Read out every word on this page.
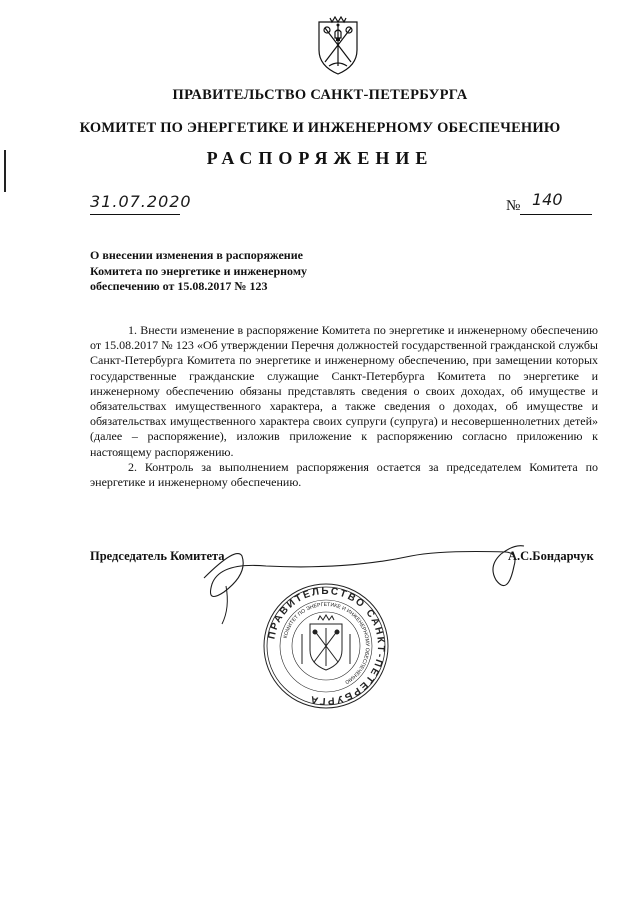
ПРАВИТЕЛЬСТВО САНКТ-ПЕТЕРБУРГА
КОМИТЕТ ПО ЭНЕРГЕТИКЕ И ИНЖЕНЕРНОМУ ОБЕСПЕЧЕНИЮ
РАСПОРЯЖЕНИЕ
31.07.2020	№ 140
О внесении изменения в распоряжение Комитета по энергетике и инженерному обеспечению от 15.08.2017 № 123

1. Внести изменение в распоряжение Комитета по энергетике и инженерному обеспечению от 15.08.2017 № 123 «Об утверждении Перечня должностей государственной гражданской службы Санкт-Петербурга Комитета по энергетике и инженерному обеспечению, при замещении которых государственные гражданские служащие Санкт-Петербурга Комитета по энергетике и инженерному обеспечению обязаны представлять сведения о своих доходах, об имуществе и обязательствах имущественного характера, а также сведения о доходах, об имуществе и обязательствах имущественного характера своих супруги (супруга) и несовершеннолетних детей» (далее – распоряжение), изложив приложение к распоряжению согласно приложению к настоящему распоряжению.

2. Контроль за выполнением распоряжения остается за председателем Комитета по энергетике и инженерному обеспечению.

Председатель Комитета	А.С.Бондарчук
ПРАВИТЕЛЬСТВО САНКТ-ПЕТЕРБУРГА
КОМИТЕТ ПО ЭНЕРГЕТИКЕ И ИНЖЕНЕРНОМУ ОБЕСПЕЧЕНИЮ
